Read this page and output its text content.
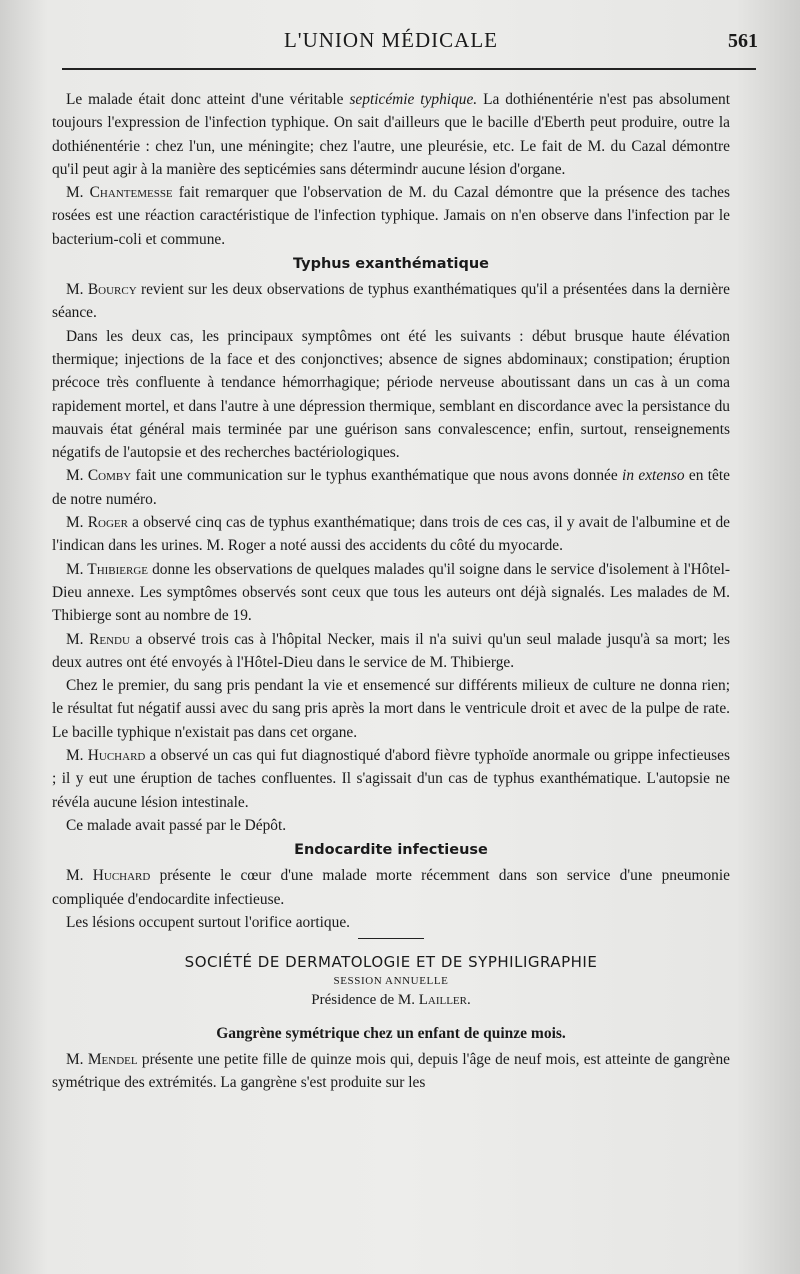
L'UNION MÉDICALE	561

Le malade était donc atteint d'une véritable septicémie typhique. La dothiénentérie n'est pas absolument toujours l'expression de l'infection typhique. On sait d'ailleurs que le bacille d'Eberth peut produire, outre la dothiénentérie : chez l'un, une méningite; chez l'autre, une pleurésie, etc. Le fait de M. du Cazal démontre qu'il peut agir à la manière des septicémies sans détermindr aucune lésion d'organe.

M. Chantemesse fait remarquer que l'observation de M. du Cazal démontre que la présence des taches rosées est une réaction caractéristique de l'infection typhique. Jamais on n'en observe dans l'infection par le bacterium-coli et commune.

Typhus exanthématique

M. Bourcy revient sur les deux observations de typhus exanthématiques qu'il a présentées dans la dernière séance.

Dans les deux cas, les principaux symptômes ont été les suivants : début brusque haute élévation thermique; injections de la face et des conjonctives; absence de signes abdominaux; constipation; éruption précoce très confluente à tendance hémorrhagique; période nerveuse aboutissant dans un cas à un coma rapidement mortel, et dans l'autre à une dépression thermique, semblant en discordance avec la persistance du mauvais état général mais terminée par une guérison sans convalescence; enfin, surtout, renseignements négatifs de l'autopsie et des recherches bactériologiques.

M. Comby fait une communication sur le typhus exanthématique que nous avons donnée in extenso en tête de notre numéro.

M. Roger a observé cinq cas de typhus exanthématique; dans trois de ces cas, il y avait de l'albumine et de l'indican dans les urines. M. Roger a noté aussi des accidents du côté du myocarde.

M. Thibierge donne les observations de quelques malades qu'il soigne dans le service d'isolement à l'Hôtel-Dieu annexe. Les symptômes observés sont ceux que tous les auteurs ont déjà signalés. Les malades de M. Thibierge sont au nombre de 19.

M. Rendu a observé trois cas à l'hôpital Necker, mais il n'a suivi qu'un seul malade jusqu'à sa mort; les deux autres ont été envoyés à l'Hôtel-Dieu dans le service de M. Thibierge.

Chez le premier, du sang pris pendant la vie et ensemencé sur différents milieux de culture ne donna rien; le résultat fut négatif aussi avec du sang pris après la mort dans le ventricule droit et avec de la pulpe de rate. Le bacille typhique n'existait pas dans cet organe.

M. Huchard a observé un cas qui fut diagnostiqué d'abord fièvre typhoïde anormale ou grippe infectieuses ; il y eut une éruption de taches confluentes. Il s'agissait d'un cas de typhus exanthématique. L'autopsie ne révéla aucune lésion intestinale.

Ce malade avait passé par le Dépôt.

Endocardite infectieuse

M. Huchard présente le cœur d'une malade morte récemment dans son service d'une pneumonie compliquée d'endocardite infectieuse.

Les lésions occupent surtout l'orifice aortique.

SOCIÉTÉ DE DERMATOLOGIE ET DE SYPHILIGRAPHIE
SESSION ANNUELLE
Présidence de M. Lailler.
Gangrène symétrique chez un enfant de quinze mois.

M. Mendel présente une petite fille de quinze mois qui, depuis l'âge de neuf mois, est atteinte de gangrène symétrique des extrémités. La gangrène s'est produite sur les
